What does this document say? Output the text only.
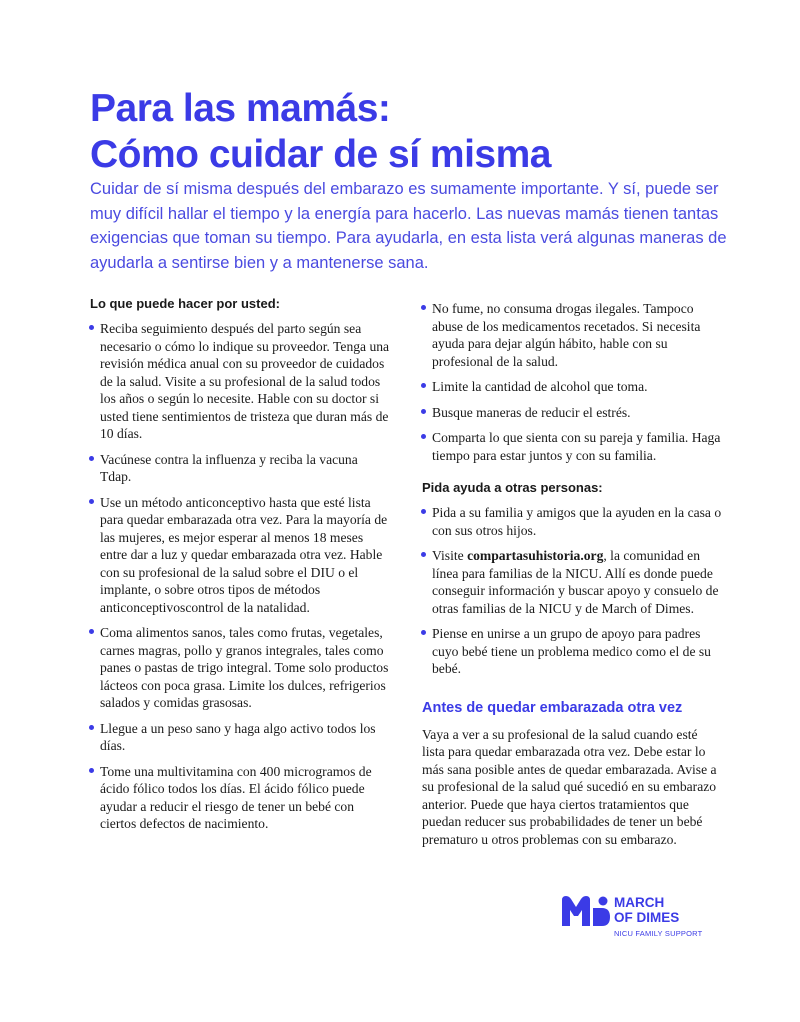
Para las mamás:
Cómo cuidar de sí misma

Cuidar de sí misma después del embarazo es sumamente importante. Y sí, puede ser muy difícil hallar el tiempo y la energía para hacerlo. Las nuevas mamás tienen tantas exigencias que toman su tiempo. Para ayudarla, en esta lista verá algunas maneras de ayudarla a sentirse bien y a mantenerse sana.

Lo que puede hacer por usted:
Reciba seguimiento después del parto según sea necesario o cómo lo indique su proveedor. Tenga una revisión médica anual con su proveedor de cuidados de la salud. Visite a su profesional de la salud todos los años o según lo necesite. Hable con su doctor si usted tiene sentimientos de tristeza que duran más de 10 días.
Vacúnese contra la influenza y reciba la vacuna Tdap.
Use un método anticonceptivo hasta que esté lista para quedar embarazada otra vez. Para la mayoría de las mujeres, es mejor esperar al menos 18 meses entre dar a luz y quedar embarazada otra vez. Hable con su profesional de la salud sobre el DIU o el implante, o sobre otros tipos de métodos anticonceptivoscontrol de la natalidad.
Coma alimentos sanos, tales como frutas, vegetales, carnes magras, pollo y granos integrales, tales como panes o pastas de trigo integral. Tome solo productos lácteos con poca grasa. Limite los dulces, refrigerios salados y comidas grasosas.
Llegue a un peso sano y haga algo activo todos los días.
Tome una multivitamina con 400 microgramos de ácido fólico todos los días. El ácido fólico puede ayudar a reducir el riesgo de tener un bebé con ciertos defectos de nacimiento.
No fume, no consuma drogas ilegales. Tampoco abuse de los medicamentos recetados. Si necesita ayuda para dejar algún hábito, hable con su profesional de la salud.
Limite la cantidad de alcohol que toma.
Busque maneras de reducir el estrés.
Comparta lo que sienta con su pareja y familia. Haga tiempo para estar juntos y con su familia.
Pida ayuda a otras personas:
Pida a su familia y amigos que la ayuden en la casa o con sus otros hijos.
Visite compartasuhistoria.org, la comunidad en línea para familias de la NICU. Allí es donde puede conseguir información y buscar apoyo y consuelo de otras familias de la NICU y de March of Dimes.
Piense en unirse a un grupo de apoyo para padres cuyo bebé tiene un problema medico como el de su bebé.
Antes de quedar embarazada otra vez

Vaya a ver a su profesional de la salud cuando esté lista para quedar embarazada otra vez. Debe estar lo más sana posible antes de quedar embarazada. Avise a su profesional de la salud qué sucedió en su embarazo anterior. Puede que haya ciertos tratamientos que puedan reducer sus probabilidades de tener un bebé prematuro u otros problemas con su embarazo.

MARCH
OF DIMES
NICU FAMILY SUPPORT
